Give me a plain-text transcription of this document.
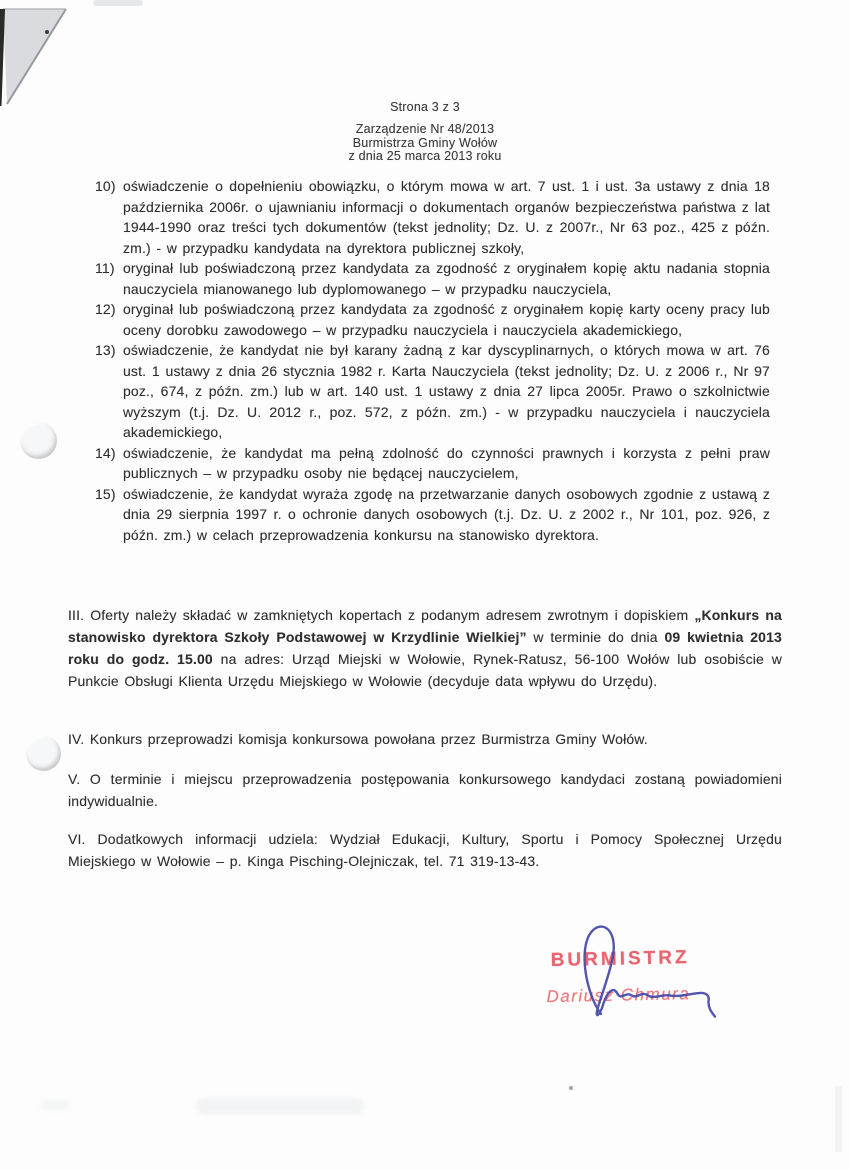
Strona 3 z 3
Zarządzenie Nr 48/2013
Burmistrza Gminy Wołów
z dnia 25 marca 2013 roku
10) oświadczenie o dopełnieniu obowiązku, o którym mowa w art. 7 ust. 1 i ust. 3a ustawy z dnia 18 października 2006r. o ujawnianiu informacji o dokumentach organów bezpieczeństwa państwa z lat 1944-1990 oraz treści tych dokumentów (tekst jednolity; Dz. U. z 2007r., Nr 63 poz., 425 z późn. zm.) - w przypadku kandydata na dyrektora publicznej szkoły,
11) oryginał lub poświadczoną przez kandydata za zgodność z oryginałem kopię aktu nadania stopnia nauczyciela mianowanego lub dyplomowanego – w przypadku nauczyciela,
12) oryginał lub poświadczoną przez kandydata za zgodność z oryginałem kopię karty oceny pracy lub oceny dorobku zawodowego – w przypadku nauczyciela i nauczyciela akademickiego,
13) oświadczenie, że kandydat nie był karany żadną z kar dyscyplinarnych, o których mowa w art. 76 ust. 1 ustawy z dnia 26 stycznia 1982 r. Karta Nauczyciela (tekst jednolity; Dz. U. z 2006 r., Nr 97 poz., 674, z późn. zm.) lub w art. 140 ust. 1 ustawy z dnia 27 lipca 2005r. Prawo o szkolnictwie wyższym (t.j. Dz. U. 2012 r., poz. 572, z późn. zm.) - w przypadku nauczyciela i nauczyciela akademickiego,
14) oświadczenie, że kandydat ma pełną zdolność do czynności prawnych i korzysta z pełni praw publicznych – w przypadku osoby nie będącej nauczycielem,
15) oświadczenie, że kandydat wyraża zgodę na przetwarzanie danych osobowych zgodnie z ustawą z dnia 29 sierpnia 1997 r. o ochronie danych osobowych (t.j. Dz. U. z 2002 r., Nr 101, poz. 926, z późn. zm.) w celach przeprowadzenia konkursu na stanowisko dyrektora.

III. Oferty należy składać w zamkniętych kopertach z podanym adresem zwrotnym i dopiskiem „Konkurs na stanowisko dyrektora Szkoły Podstawowej w Krzydlinie Wielkiej” w terminie do dnia 09 kwietnia 2013 roku do godz. 15.00 na adres: Urząd Miejski w Wołowie, Rynek-Ratusz, 56-100 Wołów lub osobiście w Punkcie Obsługi Klienta Urzędu Miejskiego w Wołowie (decyduje data wpływu do Urzędu).

IV. Konkurs przeprowadzi komisja konkursowa powołana przez Burmistrza Gminy Wołów.

V. O terminie i miejscu przeprowadzenia postępowania konkursowego kandydaci zostaną powiadomieni indywidualnie.

VI. Dodatkowych informacji udziela: Wydział Edukacji, Kultury, Sportu i Pomocy Społecznej Urzędu Miejskiego w Wołowie – p. Kinga Pisching-Olejniczak, tel. 71 319-13-43.

BURMISTRZ
Dariusz Chmura
